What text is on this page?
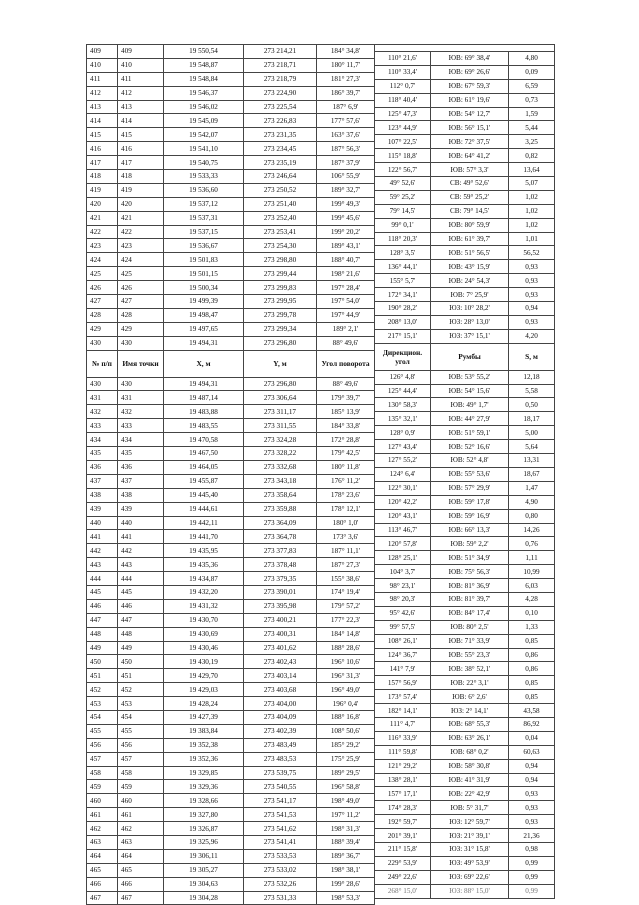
409	409	19 550,54	273 214,21	184° 34,8'
410	410	19 548,87	273 218,71	180° 11,7'
411	411	19 548,84	273 218,79	181° 27,3'
412	412	19 546,37	273 224,90	186° 39,7'
413	413	19 546,02	273 225,54	187° 6,9'
414	414	19 545,09	273 226,83	177° 57,6'
415	415	19 542,07	273 231,35	163° 37,6'
416	416	19 541,10	273 234,45	187° 56,3'
417	417	19 540,75	273 235,19	187° 37,9'
418	418	19 533,33	273 246,64	106° 55,9'
419	419	19 536,60	273 250,52	189° 32,7'
420	420	19 537,12	273 251,40	199° 49,3'
421	421	19 537,31	273 252,40	199° 45,6'
422	422	19 537,15	273 253,41	199° 20,2'
423	423	19 536,67	273 254,30	189° 43,1'
424	424	19 501,83	273 298,80	188° 40,7'
425	425	19 501,15	273 299,44	198° 21,6'
426	426	19 500,34	273 299,83	197° 28,4'
427	427	19 499,39	273 299,95	197° 54,0'
428	428	19 498,47	273 299,78	197° 44,9'
429	429	19 497,65	273 299,34	189° 2,1'
430	430	19 494,31	273 296,80	88° 49,6'
№ п/п	Имя точки	X, м	Y, м	Угол поворота
430	430	19 494,31	273 296,80	88° 49,6'
431	431	19 487,14	273 306,64	179° 39,7'
432	432	19 483,88	273 311,17	185° 13,9'
433	433	19 483,55	273 311,55	184° 33,8'
434	434	19 470,58	273 324,28	172° 28,8'
435	435	19 467,50	273 328,22	179° 42,5'
436	436	19 464,05	273 332,68	180° 11,8'
437	437	19 455,87	273 343,18	176° 11,2'
438	438	19 445,40	273 358,64	178° 23,6'
439	439	19 444,61	273 359,88	178° 12,1'
440	440	19 442,11	273 364,09	180° 1,0'
441	441	19 441,70	273 364,78	173° 3,6'
442	442	19 435,95	273 377,83	187° 11,1'
443	443	19 435,36	273 378,48	187° 27,3'
444	444	19 434,87	273 379,35	155° 38,6'
445	445	19 432,20	273 390,01	174° 19,4'
446	446	19 431,32	273 395,98	179° 57,2'
447	447	19 430,70	273 400,21	177° 22,3'
448	448	19 430,69	273 400,31	184° 14,8'
449	449	19 430,46	273 401,62	188° 28,6'
450	450	19 430,19	273 402,43	196° 10,6'
451	451	19 429,70	273 403,14	196° 31,3'
452	452	19 429,03	273 403,68	196° 49,0'
453	453	19 428,24	273 404,00	196° 0,4'
454	454	19 427,39	273 404,09	188° 16,8'
455	455	19 383,84	273 402,39	108° 50,6'
456	456	19 352,38	273 483,49	185° 29,2'
457	457	19 352,36	273 483,53	175° 25,9'
458	458	19 329,85	273 539,75	189° 29,5'
459	459	19 329,36	273 540,55	196° 58,8'
460	460	19 328,66	273 541,17	198° 49,0'
461	461	19 327,80	273 541,53	197° 11,2'
462	462	19 326,87	273 541,62	198° 31,3'
463	463	19 325,96	273 541,41	188° 39,4'
464	464	19 306,11	273 533,53	189° 36,7'
465	465	19 305,27	273 533,02	198° 38,1'
466	466	19 304,63	273 532,26	199° 28,6'
467	467	19 304,28	273 531,33	198° 53,3'

110° 21,6'	ЮВ: 69° 38,4'	4,80
110° 33,4'	ЮВ: 69° 26,6'	0,09
112° 0,7'	ЮВ: 67° 59,3'	6,59
118° 40,4'	ЮВ: 61° 19,6'	0,73
125° 47,3'	ЮВ: 54° 12,7'	1,59
123° 44,9'	ЮВ: 56° 15,1'	5,44
107° 22,5'	ЮВ: 72° 37,5'	3,25
115° 18,8'	ЮВ: 64° 41,2'	0,82
122° 56,7'	ЮВ: 57° 3,3'	13,64
49° 52,6'	СВ: 49° 52,6'	5,07
59° 25,2'	СВ: 59° 25,2'	1,02
79° 14,5'	СВ: 79° 14,5'	1,02
99° 0,1'	ЮВ: 80° 59,9'	1,02
118° 20,3'	ЮВ: 61° 39,7'	1,01
128° 3,5'	ЮВ: 51° 56,5'	56,52
136° 44,1'	ЮВ: 43° 15,9'	0,93
155° 5,7'	ЮВ: 24° 54,3'	0,93
172° 34,1'	ЮВ: 7° 25,9'	0,93
190° 28,2'	ЮЗ: 10° 28,2'	0,94
208° 13,0'	ЮЗ: 28° 13,0'	0,93
217° 15,1'	ЮЗ: 37° 15,1'	4,20
Дирекцион. угол	Румбы	S, м
126° 4,8'	ЮВ: 53° 55,2'	12,18
125° 44,4'	ЮВ: 54° 15,6'	5,58
130° 58,3'	ЮВ: 49° 1,7'	0,50
135° 32,1'	ЮВ: 44° 27,9'	18,17
128° 0,9'	ЮВ: 51° 59,1'	5,00
127° 43,4'	ЮВ: 52° 16,6'	5,64
127° 55,2'	ЮВ: 52° 4,8'	13,31
124° 6,4'	ЮВ: 55° 53,6'	18,67
122° 30,1'	ЮВ: 57° 29,9'	1,47
120° 42,2'	ЮВ: 59° 17,8'	4,90
120° 43,1'	ЮВ: 59° 16,9'	0,80
113° 46,7'	ЮВ: 66° 13,3'	14,26
120° 57,8'	ЮВ: 59° 2,2'	0,76
128° 25,1'	ЮВ: 51° 34,9'	1,11
104° 3,7'	ЮВ: 75° 56,3'	10,99
98° 23,1'	ЮВ: 81° 36,9'	6,03
98° 20,3'	ЮВ: 81° 39,7'	4,28
95° 42,6'	ЮВ: 84° 17,4'	0,10
99° 57,5'	ЮВ: 80° 2,5'	1,33
108° 26,1'	ЮВ: 71° 33,9'	0,85
124° 36,7'	ЮВ: 55° 23,3'	0,86
141° 7,9'	ЮВ: 38° 52,1'	0,86
157° 56,9'	ЮВ: 22° 3,1'	0,85
173° 57,4'	ЮВ: 6° 2,6'	0,85
182° 14,1'	ЮЗ: 2° 14,1'	43,58
111° 4,7'	ЮВ: 68° 55,3'	86,92
116° 33,9'	ЮВ: 63° 26,1'	0,04
111° 59,8'	ЮВ: 68° 0,2'	60,63
121° 29,2'	ЮВ: 58° 30,8'	0,94
138° 28,1'	ЮВ: 41° 31,9'	0,94
157° 17,1'	ЮВ: 22° 42,9'	0,93
174° 28,3'	ЮВ: 5° 31,7'	0,93
192° 59,7'	ЮЗ: 12° 59,7'	0,93
201° 39,1'	ЮЗ: 21° 39,1'	21,36
211° 15,8'	ЮЗ: 31° 15,8'	0,98
229° 53,9'	ЮЗ: 49° 53,9'	0,99
249° 22,6'	ЮЗ: 69° 22,6'	0,99
268° 15,0'	ЮЗ: 88° 15,0'	0,99
